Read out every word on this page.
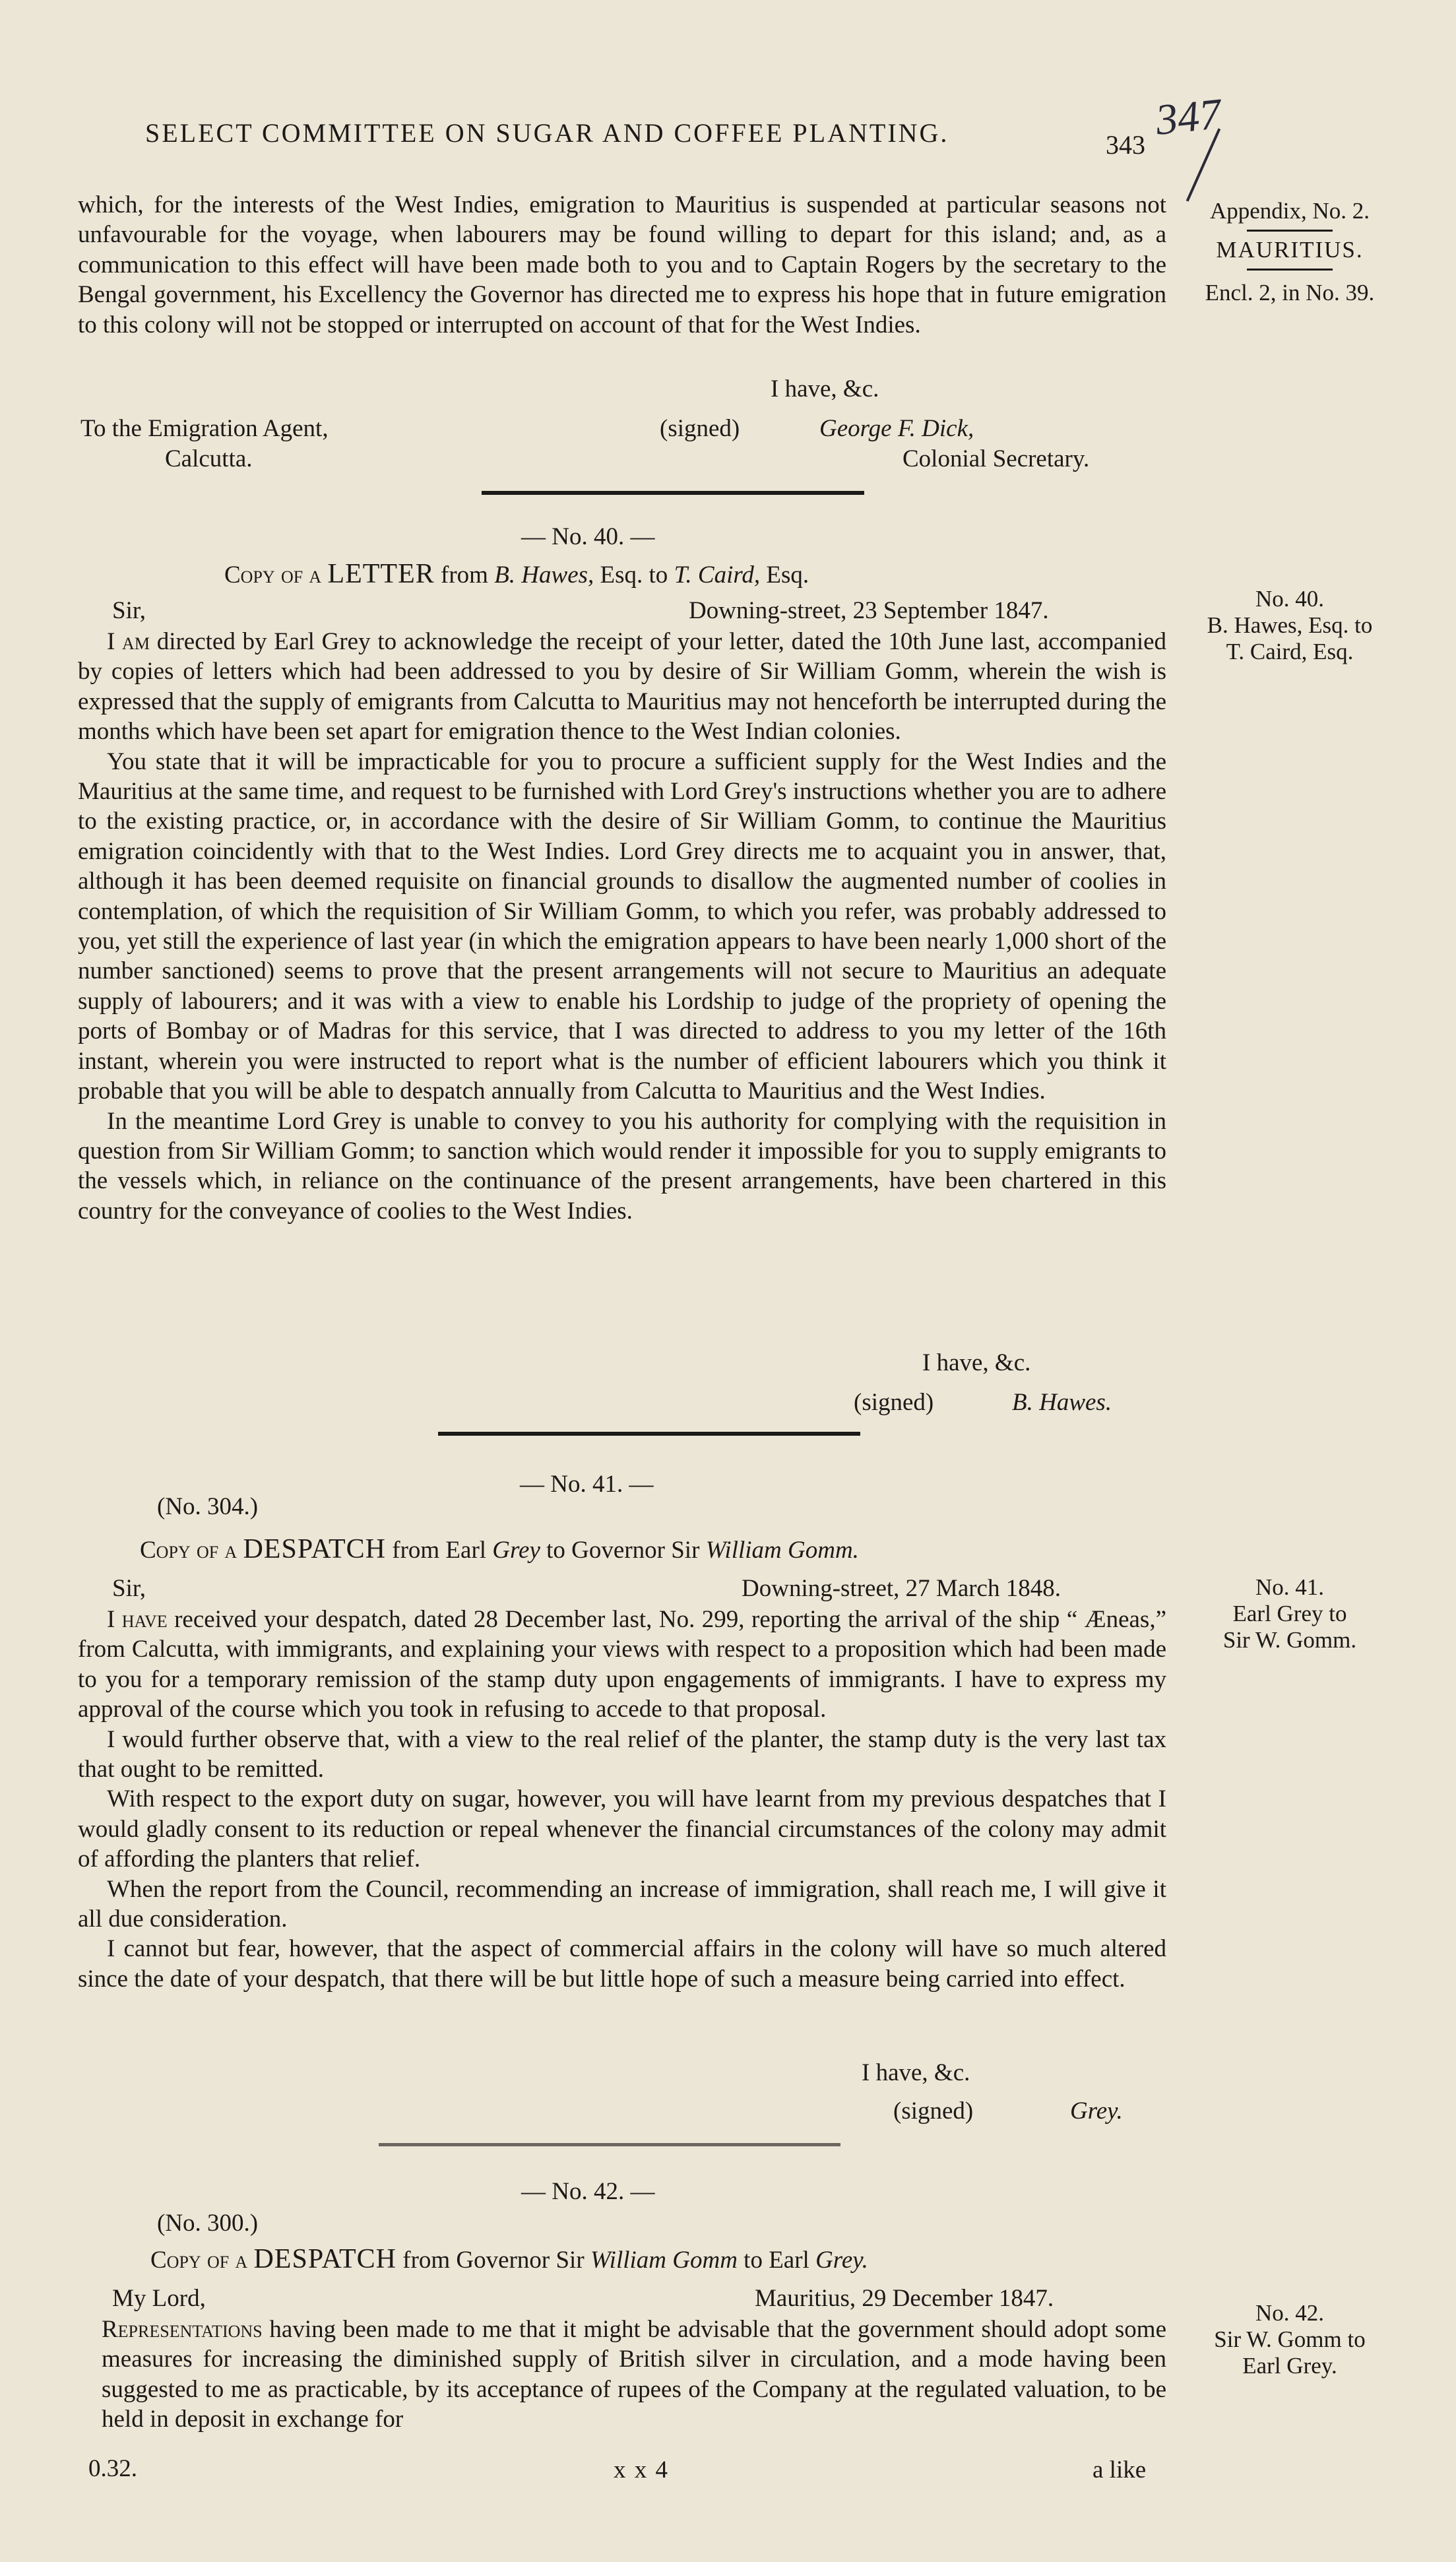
SELECT COMMITTEE ON SUGAR AND COFFEE PLANTING.	343
347
Appendix, No. 2.
MAURITIUS.
Encl. 2, in No. 39.
No. 40.
B. Hawes, Esq. to
T. Caird, Esq.
No. 41.
Earl Grey to
Sir W. Gomm.
No. 42.
Sir W. Gomm to
Earl Grey.

which, for the interests of the West Indies, emigration to Mauritius is suspended at particular seasons not unfavourable for the voyage, when labourers may be found willing to depart for this island; and, as a communication to this effect will have been made both to you and to Captain Rogers by the secretary to the Bengal government, his Excellency the Governor has directed me to express his hope that in future emigration to this colony will not be stopped or interrupted on account of that for the West Indies.

I have, &c.
To the Emigration Agent,
Calcutta.
(signed)	George F. Dick,
Colonial Secretary.
— No. 40. —
Copy of a LETTER from B. Hawes, Esq. to T. Caird, Esq.
Sir,	Downing-street, 23 September 1847.

I am directed by Earl Grey to acknowledge the receipt of your letter, dated the 10th June last, accompanied by copies of letters which had been addressed to you by desire of Sir William Gomm, wherein the wish is expressed that the supply of emigrants from Calcutta to Mauritius may not henceforth be interrupted during the months which have been set apart for emigration thence to the West Indian colonies.

You state that it will be impracticable for you to procure a sufficient supply for the West Indies and the Mauritius at the same time, and request to be furnished with Lord Grey's instructions whether you are to adhere to the existing practice, or, in accordance with the desire of Sir William Gomm, to continue the Mauritius emigration coincidently with that to the West Indies. Lord Grey directs me to acquaint you in answer, that, although it has been deemed requisite on financial grounds to disallow the augmented number of coolies in contemplation, of which the requisition of Sir William Gomm, to which you refer, was probably addressed to you, yet still the experience of last year (in which the emigration appears to have been nearly 1,000 short of the number sanctioned) seems to prove that the present arrangements will not secure to Mauritius an adequate supply of labourers; and it was with a view to enable his Lordship to judge of the propriety of opening the ports of Bombay or of Madras for this service, that I was directed to address to you my letter of the 16th instant, wherein you were instructed to report what is the number of efficient labourers which you think it probable that you will be able to despatch annually from Calcutta to Mauritius and the West Indies.

In the meantime Lord Grey is unable to convey to you his authority for complying with the requisition in question from Sir William Gomm; to sanction which would render it impossible for you to supply emigrants to the vessels which, in reliance on the continuance of the present arrangements, have been chartered in this country for the conveyance of coolies to the West Indies.

I have, &c.
(signed)	B. Hawes.
— No. 41. —
(No. 304.)
Copy of a DESPATCH from Earl Grey to Governor Sir William Gomm.
Sir,	Downing-street, 27 March 1848.

I have received your despatch, dated 28 December last, No. 299, reporting the arrival of the ship “ Æneas,” from Calcutta, with immigrants, and explaining your views with respect to a proposition which had been made to you for a temporary remission of the stamp duty upon engagements of immigrants. I have to express my approval of the course which you took in refusing to accede to that proposal.

I would further observe that, with a view to the real relief of the planter, the stamp duty is the very last tax that ought to be remitted.

With respect to the export duty on sugar, however, you will have learnt from my previous despatches that I would gladly consent to its reduction or repeal whenever the financial circumstances of the colony may admit of affording the planters that relief.

When the report from the Council, recommending an increase of immigration, shall reach me, I will give it all due consideration.

I cannot but fear, however, that the aspect of commercial affairs in the colony will have so much altered since the date of your despatch, that there will be but little hope of such a measure being carried into effect.

I have, &c.
(signed)	Grey.
— No. 42. —
(No. 300.)
Copy of a DESPATCH from Governor Sir William Gomm to Earl Grey.
My Lord,	Mauritius, 29 December 1847.

Representations having been made to me that it might be advisable that the government should adopt some measures for increasing the diminished supply of British silver in circulation, and a mode having been suggested to me as practicable, by its acceptance of rupees of the Company at the regulated valuation, to be held in deposit in exchange for

0.32.	x x 4	a like
